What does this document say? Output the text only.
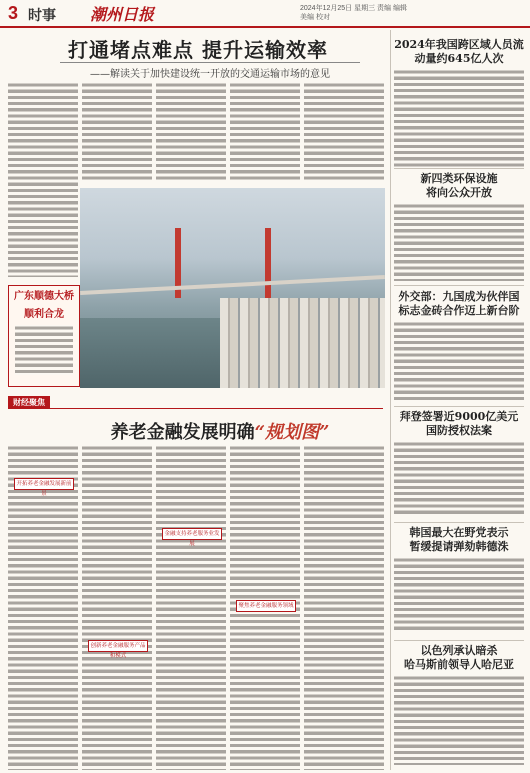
3 时事 潮州日报	2024年12月25日 星期三 责编 编辑 美编 校对
打通堵点难点 提升运输效率
——解读关于加快建设统一开放的交通运输市场的意见
广东顺德大桥
顺利合龙
财经聚焦
养老金融发展明确“规划图”
开拓养老金融发展新前景
金融支持养老服务业发展
聚焦养老金融服务领域
创新养老金融服务产品和模式
2024年我国跨区域人员流动量约645亿人次
新四类环保设施
将向公众开放
外交部：九国成为伙伴国
标志金砖合作迈上新台阶
拜登签署近9000亿美元
国防授权法案
韩国最大在野党表示
暂缓提请弹劾韩德洙
以色列承认暗杀
哈马斯前领导人哈尼亚
